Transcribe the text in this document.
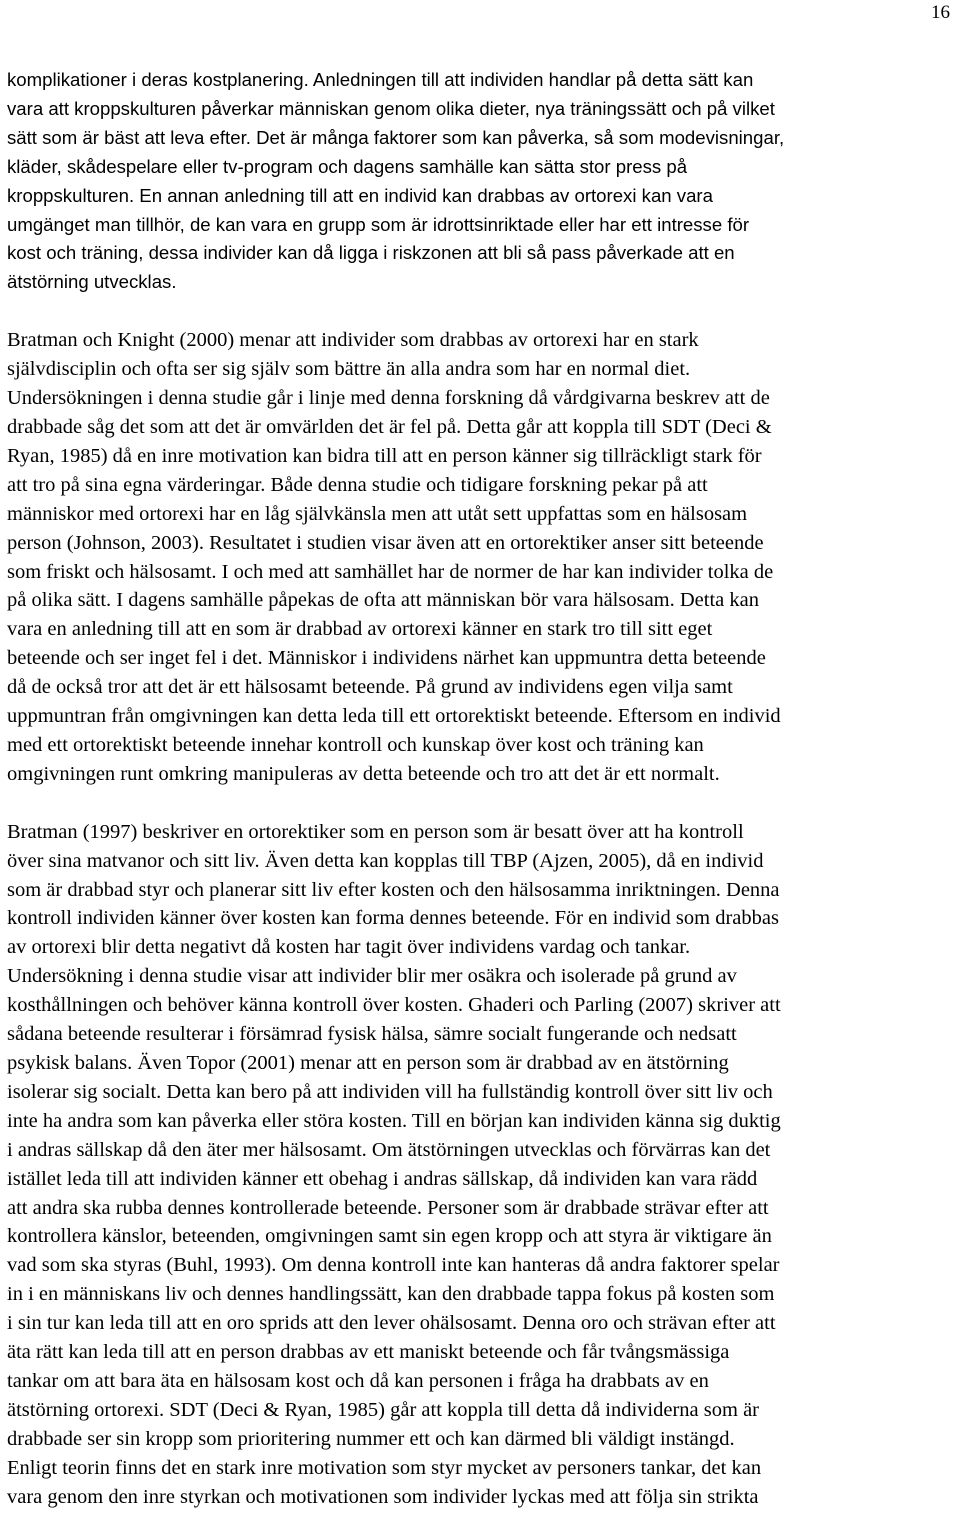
16

komplikationer i deras kostplanering. Anledningen till att individen handlar på detta sätt kan
vara att kroppskulturen påverkar människan genom olika dieter, nya träningssätt och på vilket
sätt som är bäst att leva efter. Det är många faktorer som kan påverka, så som modevisningar,
kläder, skådespelare eller tv-program och dagens samhälle kan sätta stor press på
kroppskulturen. En annan anledning till att en individ kan drabbas av ortorexi kan vara
umgänget man tillhör, de kan vara en grupp som är idrottsinriktade eller har ett intresse för
kost och träning, dessa individer kan då ligga i riskzonen att bli så pass påverkade att en
ätstörning utvecklas.

Bratman och Knight (2000) menar att individer som drabbas av ortorexi har en stark
självdisciplin och ofta ser sig själv som bättre än alla andra som har en normal diet.
Undersökningen i denna studie går i linje med denna forskning då vårdgivarna beskrev att de
drabbade såg det som att det är omvärlden det är fel på. Detta går att koppla till SDT (Deci &
Ryan, 1985) då en inre motivation kan bidra till att en person känner sig tillräckligt stark för
att tro på sina egna värderingar. Både denna studie och tidigare forskning pekar på att
människor med ortorexi har en låg självkänsla men att utåt sett uppfattas som en hälsosam
person (Johnson, 2003). Resultatet i studien visar även att en ortorektiker anser sitt beteende
som friskt och hälsosamt. I och med att samhället har de normer de har kan individer tolka de
på olika sätt. I dagens samhälle påpekas de ofta att människan bör vara hälsosam. Detta kan
vara en anledning till att en som är drabbad av ortorexi känner en stark tro till sitt eget
beteende och ser inget fel i det. Människor i individens närhet kan uppmuntra detta beteende
då de också tror att det är ett hälsosamt beteende. På grund av individens egen vilja samt
uppmuntran från omgivningen kan detta leda till ett ortorektiskt beteende. Eftersom en individ
med ett ortorektiskt beteende innehar kontroll och kunskap över kost och träning kan
omgivningen runt omkring manipuleras av detta beteende och tro att det är ett normalt.

Bratman (1997) beskriver en ortorektiker som en person som är besatt över att ha kontroll
över sina matvanor och sitt liv. Även detta kan kopplas till TBP (Ajzen, 2005), då en individ
som är drabbad styr och planerar sitt liv efter kosten och den hälsosamma inriktningen. Denna
kontroll individen känner över kosten kan forma dennes beteende. För en individ som drabbas
av ortorexi blir detta negativt då kosten har tagit över individens vardag och tankar.
Undersökning i denna studie visar att individer blir mer osäkra och isolerade på grund av
kosthållningen och behöver känna kontroll över kosten. Ghaderi och Parling (2007) skriver att
sådana beteende resulterar i försämrad fysisk hälsa, sämre socialt fungerande och nedsatt
psykisk balans. Även Topor (2001) menar att en person som är drabbad av en ätstörning
isolerar sig socialt. Detta kan bero på att individen vill ha fullständig kontroll över sitt liv och
inte ha andra som kan påverka eller störa kosten. Till en början kan individen känna sig duktig
i andras sällskap då den äter mer hälsosamt. Om ätstörningen utvecklas och förvärras kan det
istället leda till att individen känner ett obehag i andras sällskap, då individen kan vara rädd
att andra ska rubba dennes kontrollerade beteende. Personer som är drabbade strävar efter att
kontrollera känslor, beteenden, omgivningen samt sin egen kropp och att styra är viktigare än
vad som ska styras (Buhl, 1993). Om denna kontroll inte kan hanteras då andra faktorer spelar
in i en människans liv och dennes handlingssätt, kan den drabbade tappa fokus på kosten som
i sin tur kan leda till att en oro sprids att den lever ohälsosamt. Denna oro och strävan efter att
äta rätt kan leda till att en person drabbas av ett maniskt beteende och får tvångsmässiga
tankar om att bara äta en hälsosam kost och då kan personen i fråga ha drabbats av en
ätstörning ortorexi. SDT (Deci & Ryan, 1985) går att koppla till detta då individerna som är
drabbade ser sin kropp som prioritering nummer ett och kan därmed bli väldigt instängd.
Enligt teorin finns det en stark inre motivation som styr mycket av personers tankar, det kan
vara genom den inre styrkan och motivationen som individer lyckas med att följa sin strikta
